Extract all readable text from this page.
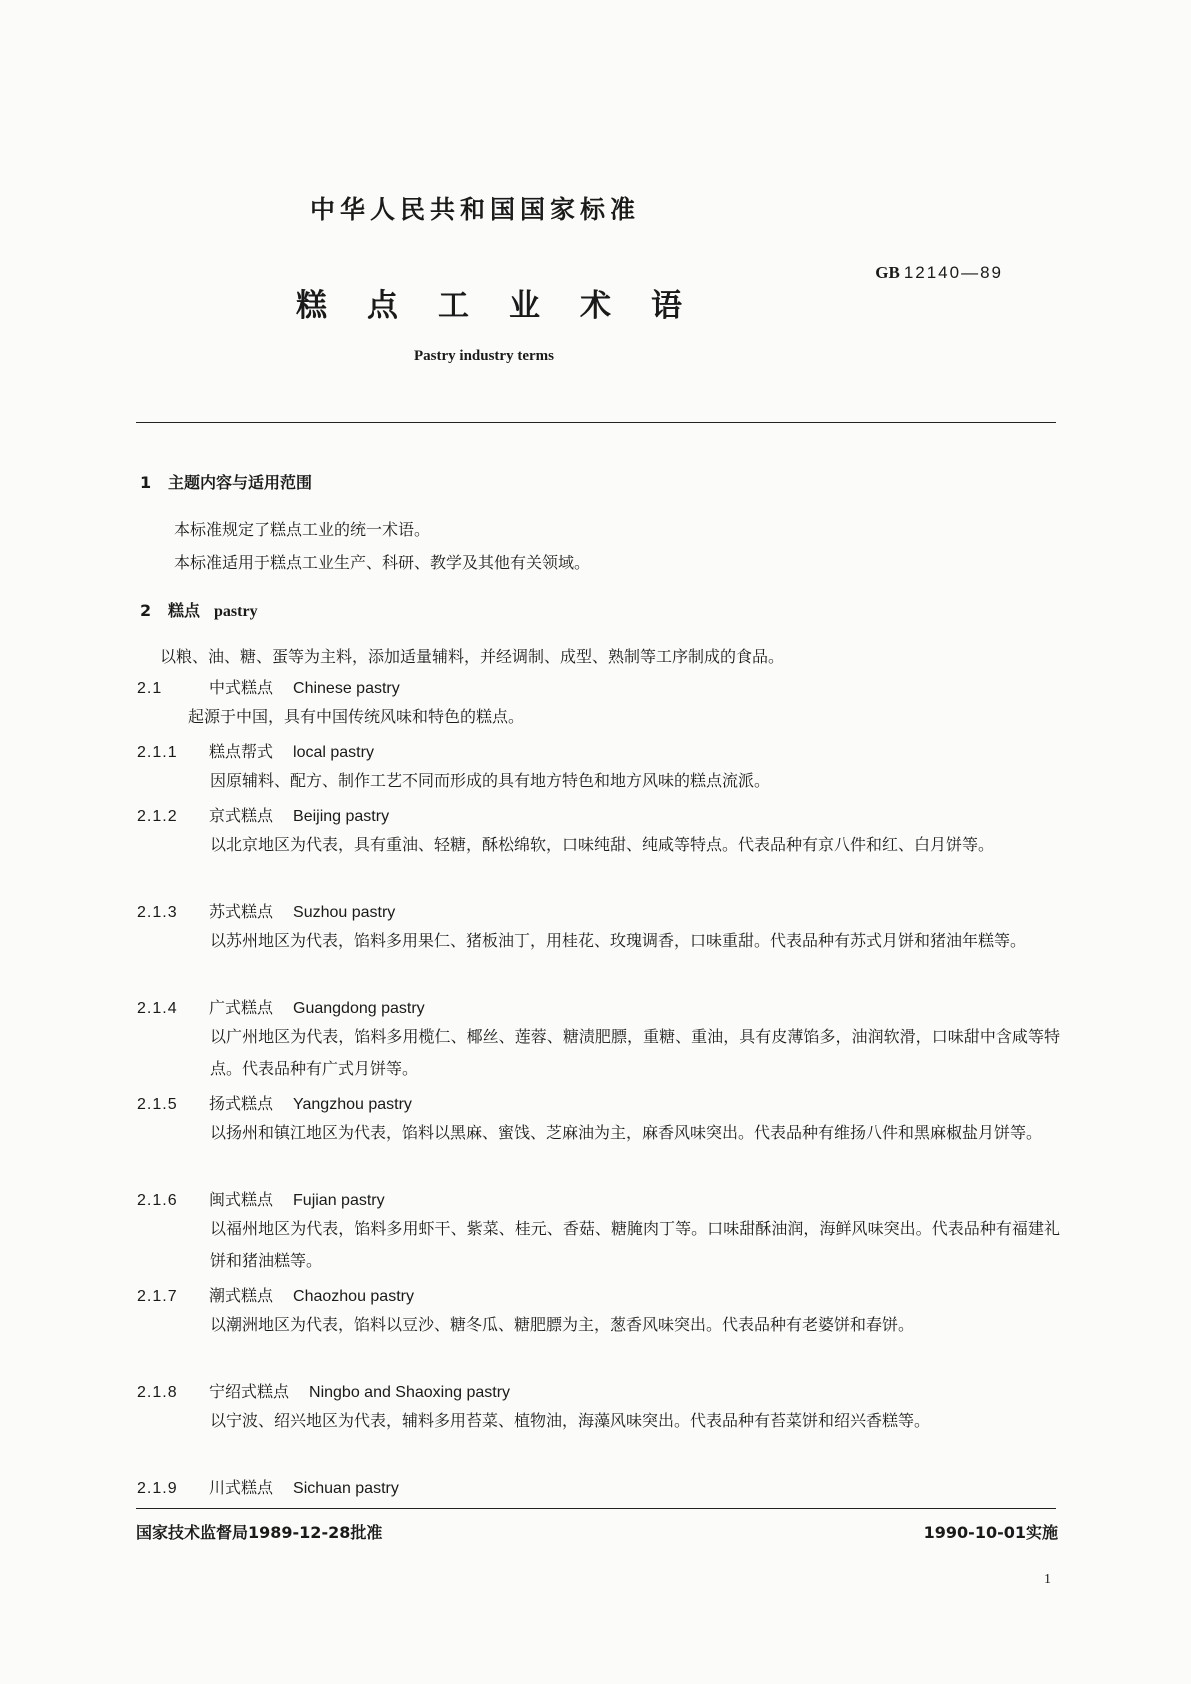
中华人民共和国国家标准
GB 12140—89
糕点工业术语
Pastry industry terms
1 主题内容与适用范围
本标准规定了糕点工业的统一术语。
本标准适用于糕点工业生产、科研、教学及其他有关领域。
2 糕点 pastry
以粮、油、糖、蛋等为主料，添加适量辅料，并经调制、成型、熟制等工序制成的食品。
2.1	中式糕点 Chinese pastry
起源于中国，具有中国传统风味和特色的糕点。
2.1.1 糕点帮式 local pastry
因原辅料、配方、制作工艺不同而形成的具有地方特色和地方风味的糕点流派。
2.1.2 京式糕点 Beijing pastry
以北京地区为代表，具有重油、轻糖，酥松绵软，口味纯甜、纯咸等特点。代表品种有京八件和红、白月饼等。
2.1.3 苏式糕点 Suzhou pastry
以苏州地区为代表，馅料多用果仁、猪板油丁，用桂花、玫瑰调香，口味重甜。代表品种有苏式月饼和猪油年糕等。
2.1.4 广式糕点 Guangdong pastry
以广州地区为代表，馅料多用榄仁、椰丝、莲蓉、糖渍肥膘，重糖、重油，具有皮薄馅多，油润软滑，口味甜中含咸等特点。代表品种有广式月饼等。
2.1.5 扬式糕点 Yangzhou pastry
以扬州和镇江地区为代表，馅料以黑麻、蜜饯、芝麻油为主，麻香风味突出。代表品种有维扬八件和黑麻椒盐月饼等。
2.1.6 闽式糕点 Fujian pastry
以福州地区为代表，馅料多用虾干、紫菜、桂元、香菇、糖腌肉丁等。口味甜酥油润，海鲜风味突出。代表品种有福建礼饼和猪油糕等。
2.1.7 潮式糕点 Chaozhou pastry
以潮洲地区为代表，馅料以豆沙、糖冬瓜、糖肥膘为主，葱香风味突出。代表品种有老婆饼和春饼。
2.1.8 宁绍式糕点 Ningbo and Shaoxing pastry
以宁波、绍兴地区为代表，辅料多用苔菜、植物油，海藻风味突出。代表品种有苔菜饼和绍兴香糕等。
2.1.9 川式糕点 Sichuan pastry
国家技术监督局1989-12-28批准	1990-10-01实施
1
